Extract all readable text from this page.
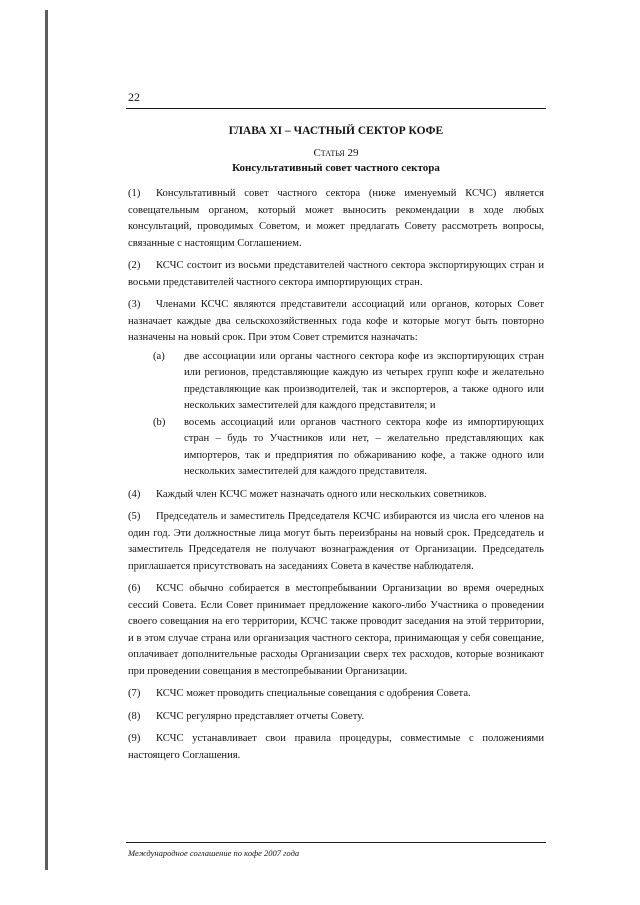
22
ГЛАВА XI – ЧАСТНЫЙ СЕКТОР КОФЕ
Статья 29
Консультативный совет частного сектора

(1) Консультативный совет частного сектора (ниже именуемый КСЧС) является совещательным органом, который может выносить рекомендации в ходе любых консультаций, проводимых Советом, и может предлагать Совету рассмотреть вопросы, связанные с настоящим Соглашением.

(2) КСЧС состоит из восьми представителей частного сектора экспортирующих стран и восьми представителей частного сектора импортирующих стран.

(3) Членами КСЧС являются представители ассоциаций или органов, которых Совет назначает каждые два сельскохозяйственных года кофе и которые могут быть повторно назначены на новый срок. При этом Совет стремится назначать:

(a) две ассоциации или органы частного сектора кофе из экспортирующих стран или регионов, представляющие каждую из четырех групп кофе и желательно представляющие как производителей, так и экспортеров, а также одного или нескольких заместителей для каждого представителя; и
(b) восемь ассоциаций или органов частного сектора кофе из импортирующих стран – будь то Участников или нет, – желательно представляющих как импортеров, так и предприятия по обжариванию кофе, а также одного или нескольких заместителей для каждого представителя.

(4) Каждый член КСЧС может назначать одного или нескольких советников.

(5) Председатель и заместитель Председателя КСЧС избираются из числа его членов на один год. Эти должностные лица могут быть переизбраны на новый срок. Председатель и заместитель Председателя не получают вознаграждения от Организации. Председатель приглашается присутствовать на заседаниях Совета в качестве наблюдателя.

(6) КСЧС обычно собирается в местопребывании Организации во время очередных сессий Совета. Если Совет принимает предложение какого-либо Участника о проведении своего совещания на его территории, КСЧС также проводит заседания на этой территории, и в этом случае страна или организация частного сектора, принимающая у себя совещание, оплачивает дополнительные расходы Организации сверх тех расходов, которые возникают при проведении совещания в местопребывании Организации.

(7) КСЧС может проводить специальные совещания с одобрения Совета.

(8) КСЧС регулярно представляет отчеты Совету.

(9) КСЧС устанавливает свои правила процедуры, совместимые с положениями настоящего Соглашения.

Международное соглашение по кофе 2007 года
